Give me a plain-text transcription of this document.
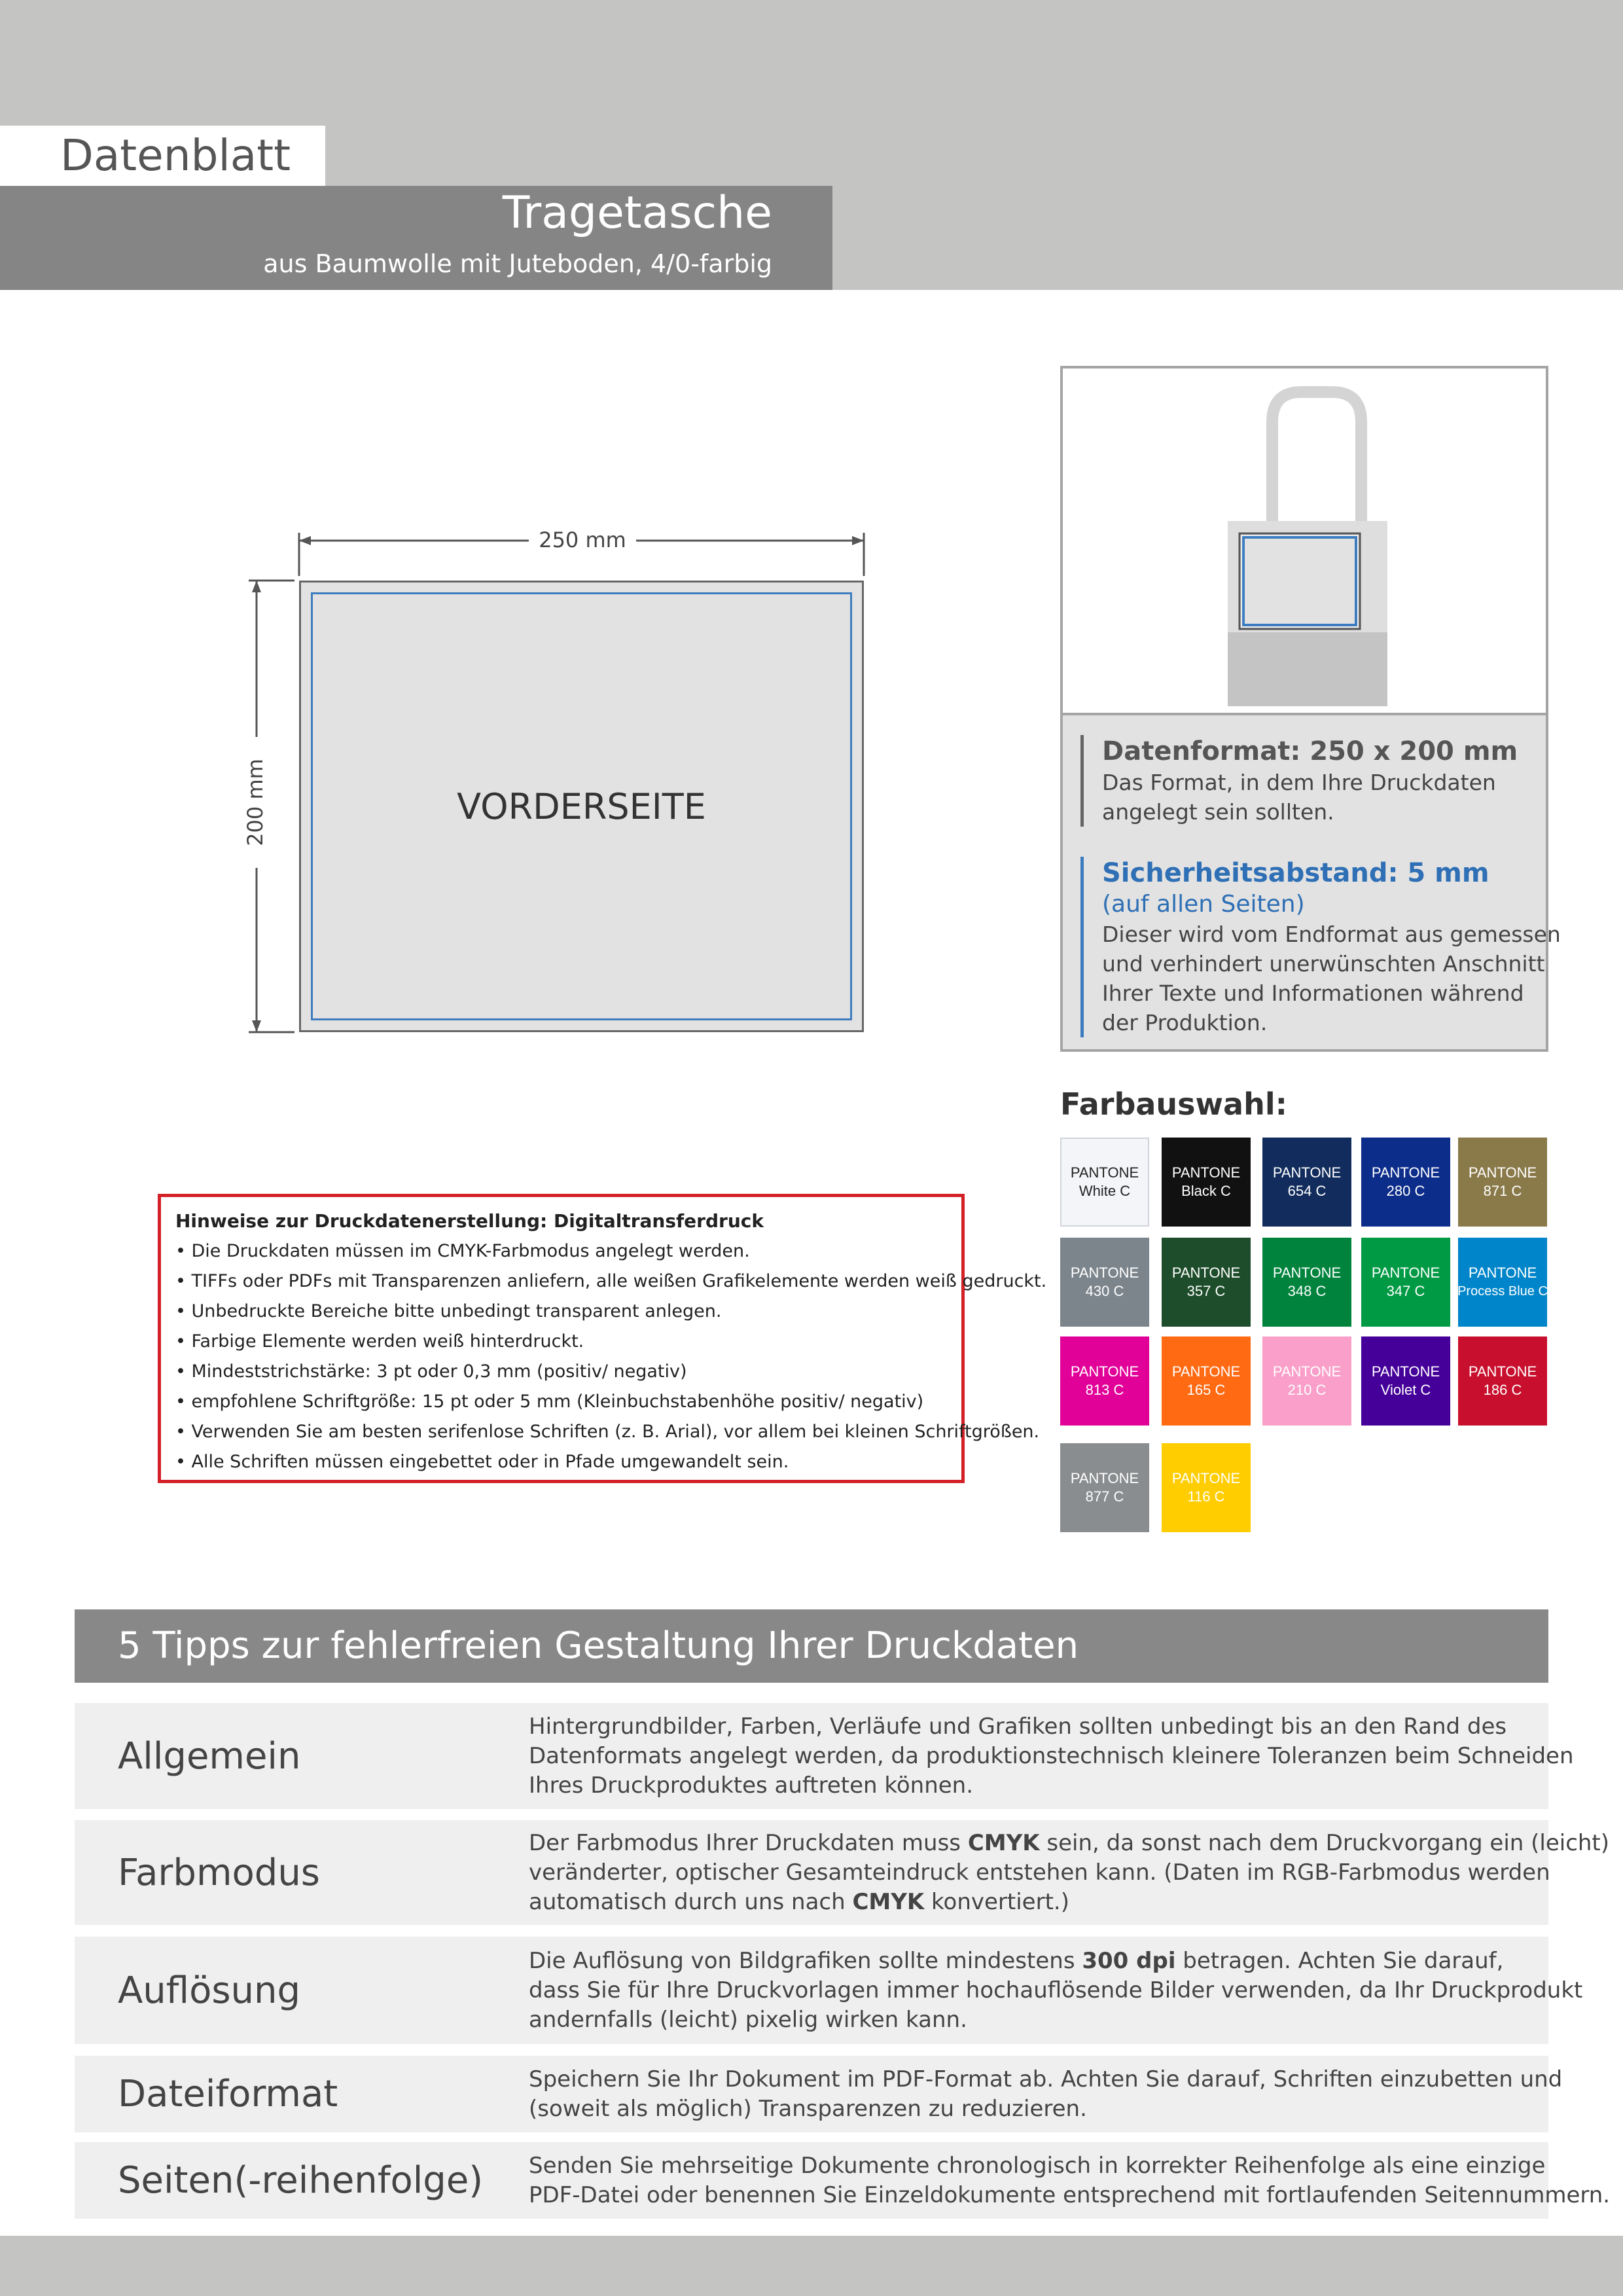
Datenblatt
Tragetasche
aus Baumwolle mit Juteboden, 4/0-farbig
250 mm
200 mm	VORDERSEITE
Datenformat: 250 x 200 mm
Das Format, in dem Ihre Druckdaten
angelegt sein sollten.
Sicherheitsabstand: 5 mm
(auf allen Seiten)
Dieser wird vom Endformat aus gemessen
und verhindert unerwünschten Anschnitt
Ihrer Texte und Informationen während
der Produktion.
Farbauswahl:
PANTONE
White C
PANTONE
Black C
PANTONE
654 C
PANTONE
280 C
PANTONE
871 C
PANTONE
430 C
PANTONE
357 C
PANTONE
348 C
PANTONE
347 C
PANTONE
Process Blue C
PANTONE
813 C
PANTONE
165 C
PANTONE
210 C
PANTONE
Violet C
PANTONE
186 C
PANTONE
877 C
PANTONE
116 C
Hinweise zur Druckdatenerstellung: Digitaltransferdruck
• Die Druckdaten müssen im CMYK-Farbmodus angelegt werden.
• TIFFs oder PDFs mit Transparenzen anliefern, alle weißen Grafikelemente werden weiß gedruckt.
• Unbedruckte Bereiche bitte unbedingt transparent anlegen.
• Farbige Elemente werden weiß hinterdruckt.
• Mindeststrichstärke: 3 pt oder 0,3 mm (positiv/ negativ)
• empfohlene Schriftgröße: 15 pt oder 5 mm (Kleinbuchstabenhöhe positiv/ negativ)
• Verwenden Sie am besten serifenlose Schriften (z. B. Arial), vor allem bei kleinen Schriftgrößen.
• Alle Schriften müssen eingebettet oder in Pfade umgewandelt sein.
5 Tipps zur fehlerfreien Gestaltung Ihrer Druckdaten
Allgemein

Hintergrundbilder, Farben, Verläufe und Grafiken sollten unbedingt bis an den Rand des

Datenformats angelegt werden, da produktionstechnisch kleinere Toleranzen beim Schneiden

Ihres Druckproduktes auftreten können.

Farbmodus

Der Farbmodus Ihrer Druckdaten muss CMYK sein, da sonst nach dem Druckvorgang ein (leicht)

veränderter, optischer Gesamteindruck entstehen kann. (Daten im RGB-Farbmodus werden

automatisch durch uns nach CMYK konvertiert.)

Auflösung

Die Auflösung von Bildgrafiken sollte mindestens 300 dpi betragen. Achten Sie darauf,

dass Sie für Ihre Druckvorlagen immer hochauflösende Bilder verwenden, da Ihr Druckprodukt

andernfalls (leicht) pixelig wirken kann.

Dateiformat	Speichern Sie Ihr Dokument im PDF-Format ab. Achten Sie darauf, Schriften einzubetten und

(soweit als möglich) Transparenzen zu reduzieren.

Seiten(-reihenfolge) Senden Sie mehrseitige Dokumente chronologisch in korrekter Reihenfolge als eine einzige

PDF-Datei oder benennen Sie Einzeldokumente entsprechend mit fortlaufenden Seitennummern.
